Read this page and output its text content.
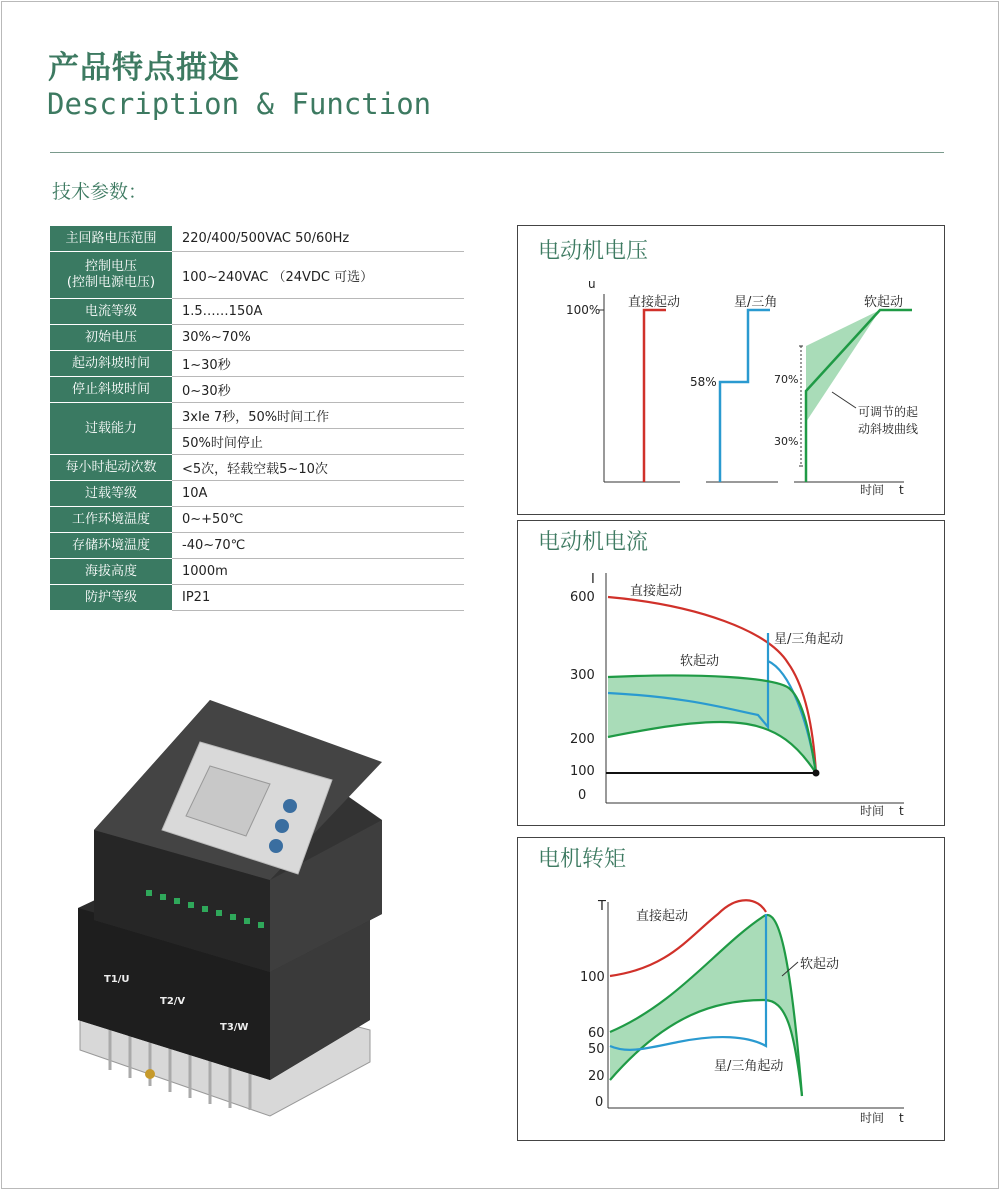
产品特点描述
Description & Function
技术参数：
主回路电压范围	220/400/500VAC 50/60Hz
控制电压
(控制电源电压)	100~240VAC （24VDC 可选）
电流等级	1.5……150A
初始电压	30%~70%
起动斜坡时间	1~30秒
停止斜坡时间	0~30秒
过载能力	3xIe 7秒，50%时间工作
	50%时间停止
每小时起动次数	<5次，轻载空载5~10次
过载等级	10A
工作环境温度	0~+50℃
存储环境温度	-40~70℃
海拔高度	1000m
防护等级	IP21
电动机电压
u
100%
58%	70%
30%
直接起动	星/三角	软起动
可调节的起
动斜坡曲线
时间 t
电动机电流
I
600
300
200
100
0
直接起动
星/三角起动
软起动
时间 t
电机转矩
T
100
60
50
20
0
直接起动
软起动
星/三角起动
时间 t
T1/U
T2/V
T3/W
